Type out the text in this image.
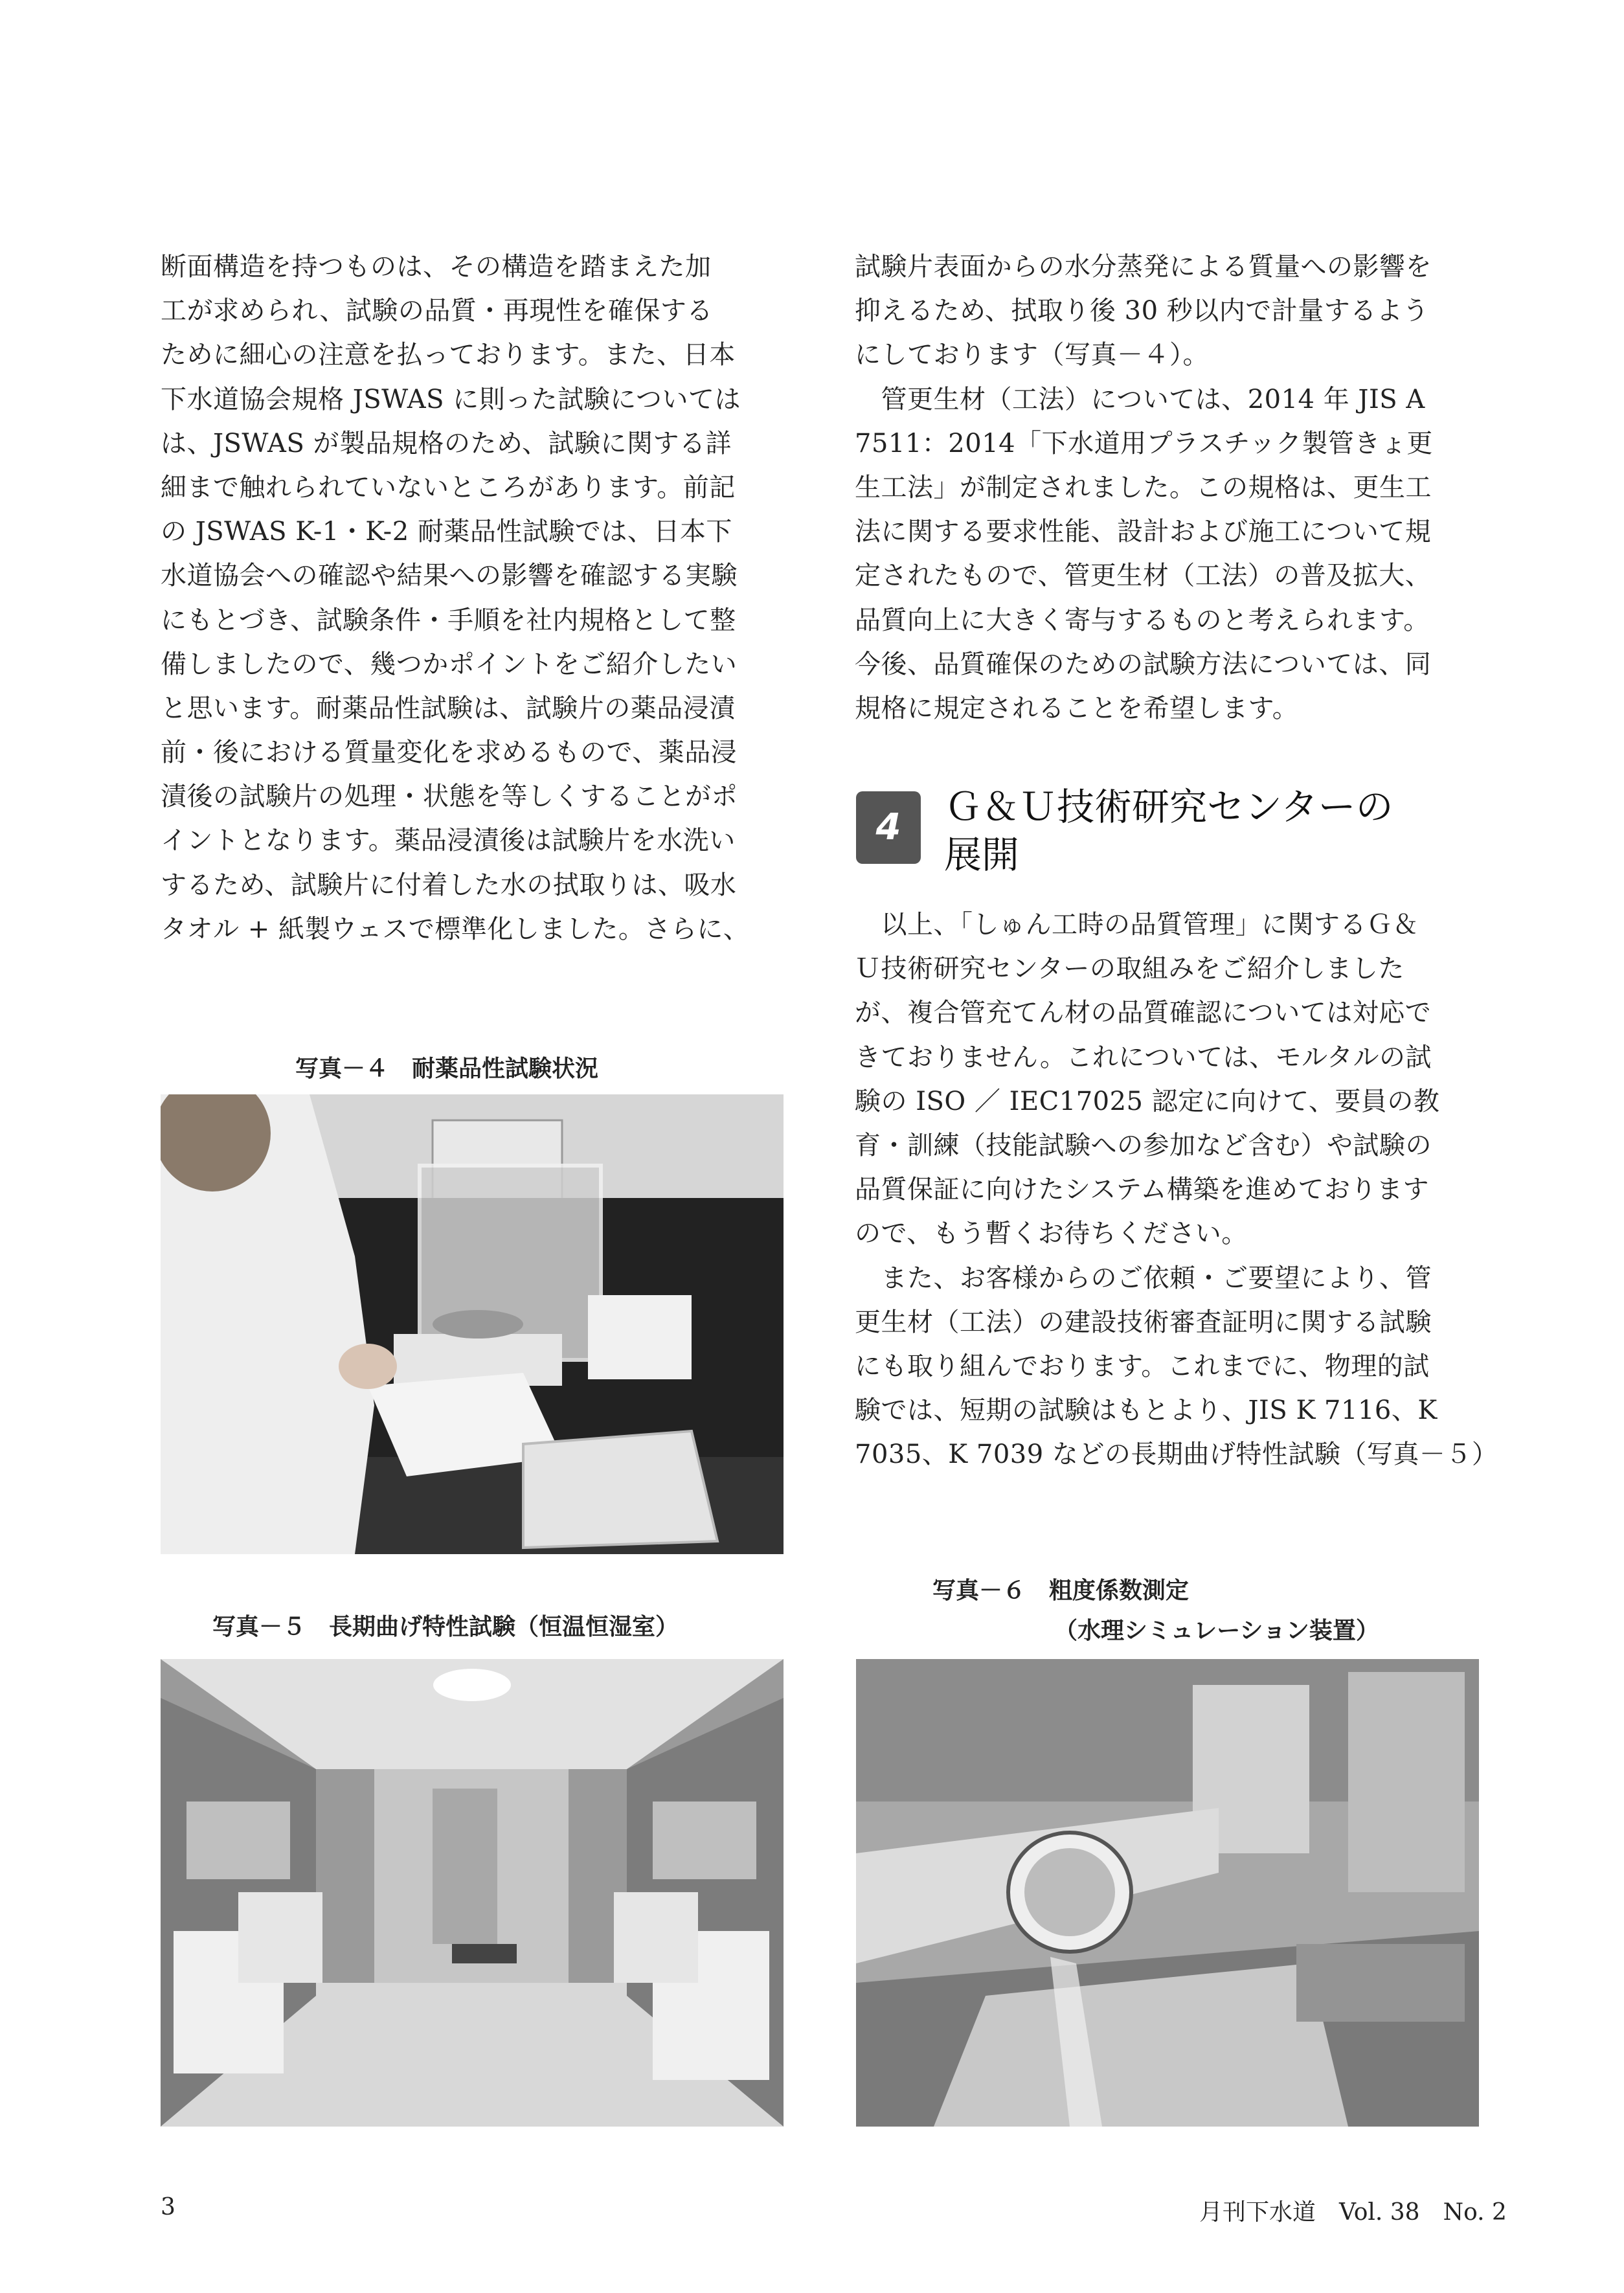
断面構造を持つものは、その構造を踏まえた加
工が求められ、試験の品質・再現性を確保する
ために細心の注意を払っております。また、日本
下水道協会規格 JSWAS に則った試験については
は、JSWAS が製品規格のため、試験に関する詳
細まで触れられていないところがあります。前記
の JSWAS K-1・K-2 耐薬品性試験では、日本下
水道協会への確認や結果への影響を確認する実験
にもとづき、試験条件・手順を社内規格として整
備しましたので、幾つかポイントをご紹介したい
と思います。耐薬品性試験は、試験片の薬品浸漬
前・後における質量変化を求めるもので、薬品浸
漬後の試験片の処理・状態を等しくすることがポ
イントとなります。薬品浸漬後は試験片を水洗い
するため、試験片に付着した水の拭取りは、吸水
タオル + 紙製ウェスで標準化しました。さらに、
試験片表面からの水分蒸発による質量への影響を
抑えるため、拭取り後 30 秒以内で計量するよう
にしております（写真－４）。
　管更生材（工法）については、2014 年 JIS A
7511：2014「下水道用プラスチック製管きょ更
生工法」が制定されました。この規格は、更生工
法に関する要求性能、設計および施工について規
定されたもので、管更生材（工法）の普及拡大、
品質向上に大きく寄与するものと考えられます。
今後、品質確保のための試験方法については、同
規格に規定されることを希望します。
4	Ｇ＆Ｕ技術研究センターの
展開
　以上、「しゅん工時の品質管理」に関するＧ＆
Ｕ技術研究センターの取組みをご紹介しました
が、複合管充てん材の品質確認については対応で
きておりません。これについては、モルタルの試
験の ISO ／ IEC17025 認定に向けて、要員の教
育・訓練（技能試験への参加など含む）や試験の
品質保証に向けたシステム構築を進めております
ので、もう暫くお待ちください。
　また、お客様からのご依頼・ご要望により、管
更生材（工法）の建設技術審査証明に関する試験
にも取り組んでおります。これまでに、物理的試
験では、短期の試験はもとより、JIS K 7116、K
7035、K 7039 などの長期曲げ特性試験（写真－５）
写真－４　耐薬品性試験状況
写真－５　長期曲げ特性試験（恒温恒湿室）
写真－６　粗度係数測定
（水理シミュレーション装置）
3	月刊下水道　Vol. 38　No. 2
